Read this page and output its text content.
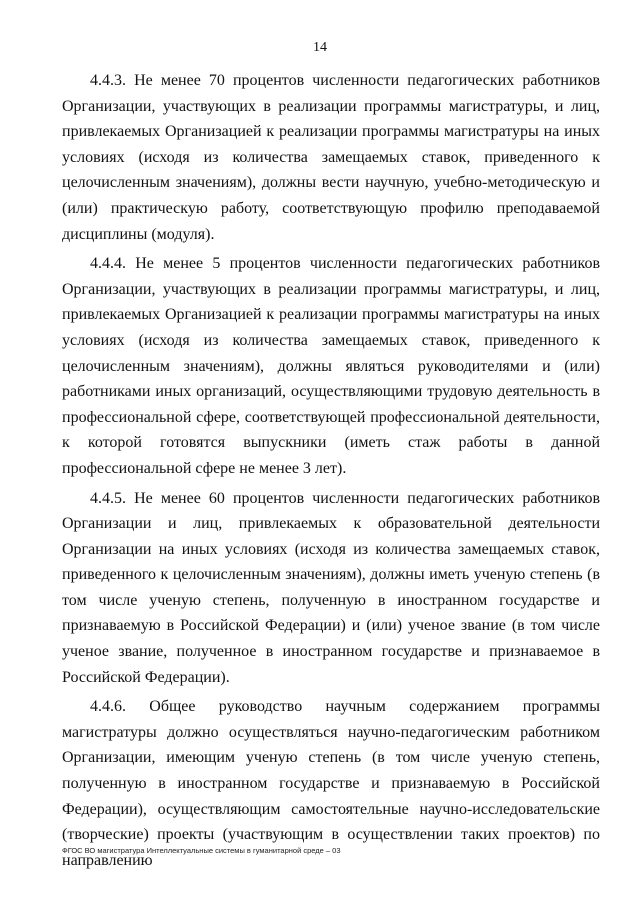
14

4.4.3. Не менее 70 процентов численности педагогических работников Организации, участвующих в реализации программы магистратуры, и лиц, привлекаемых Организацией к реализации программы магистратуры на иных условиях (исходя из количества замещаемых ставок, приведенного к целочисленным значениям), должны вести научную, учебно-методическую и (или) практическую работу, соответствующую профилю преподаваемой дисциплины (модуля).

4.4.4. Не менее 5 процентов численности педагогических работников Организации, участвующих в реализации программы магистратуры, и лиц, привлекаемых Организацией к реализации программы магистратуры на иных условиях (исходя из количества замещаемых ставок, приведенного к целочисленным значениям), должны являться руководителями и (или) работниками иных организаций, осуществляющими трудовую деятельность в профессиональной сфере, соответствующей профессиональной деятельности, к которой готовятся выпускники (иметь стаж работы в данной профессиональной сфере не менее 3 лет).

4.4.5. Не менее 60 процентов численности педагогических работников Организации и лиц, привлекаемых к образовательной деятельности Организации на иных условиях (исходя из количества замещаемых ставок, приведенного к целочисленным значениям), должны иметь ученую степень (в том числе ученую степень, полученную в иностранном государстве и признаваемую в Российской Федерации) и (или) ученое звание (в том числе ученое звание, полученное в иностранном государстве и признаваемое в Российской Федерации).

4.4.6. Общее руководство научным содержанием программы магистратуры должно осуществляться научно-педагогическим работником Организации, имеющим ученую степень (в том числе ученую степень, полученную в иностранном государстве и признаваемую в Российской Федерации), осуществляющим самостоятельные научно-исследовательские (творческие) проекты (участвующим в осуществлении таких проектов) по направлению

ФГОС ВО магистратура Интеллектуальные системы в гуманитарной среде – 03
